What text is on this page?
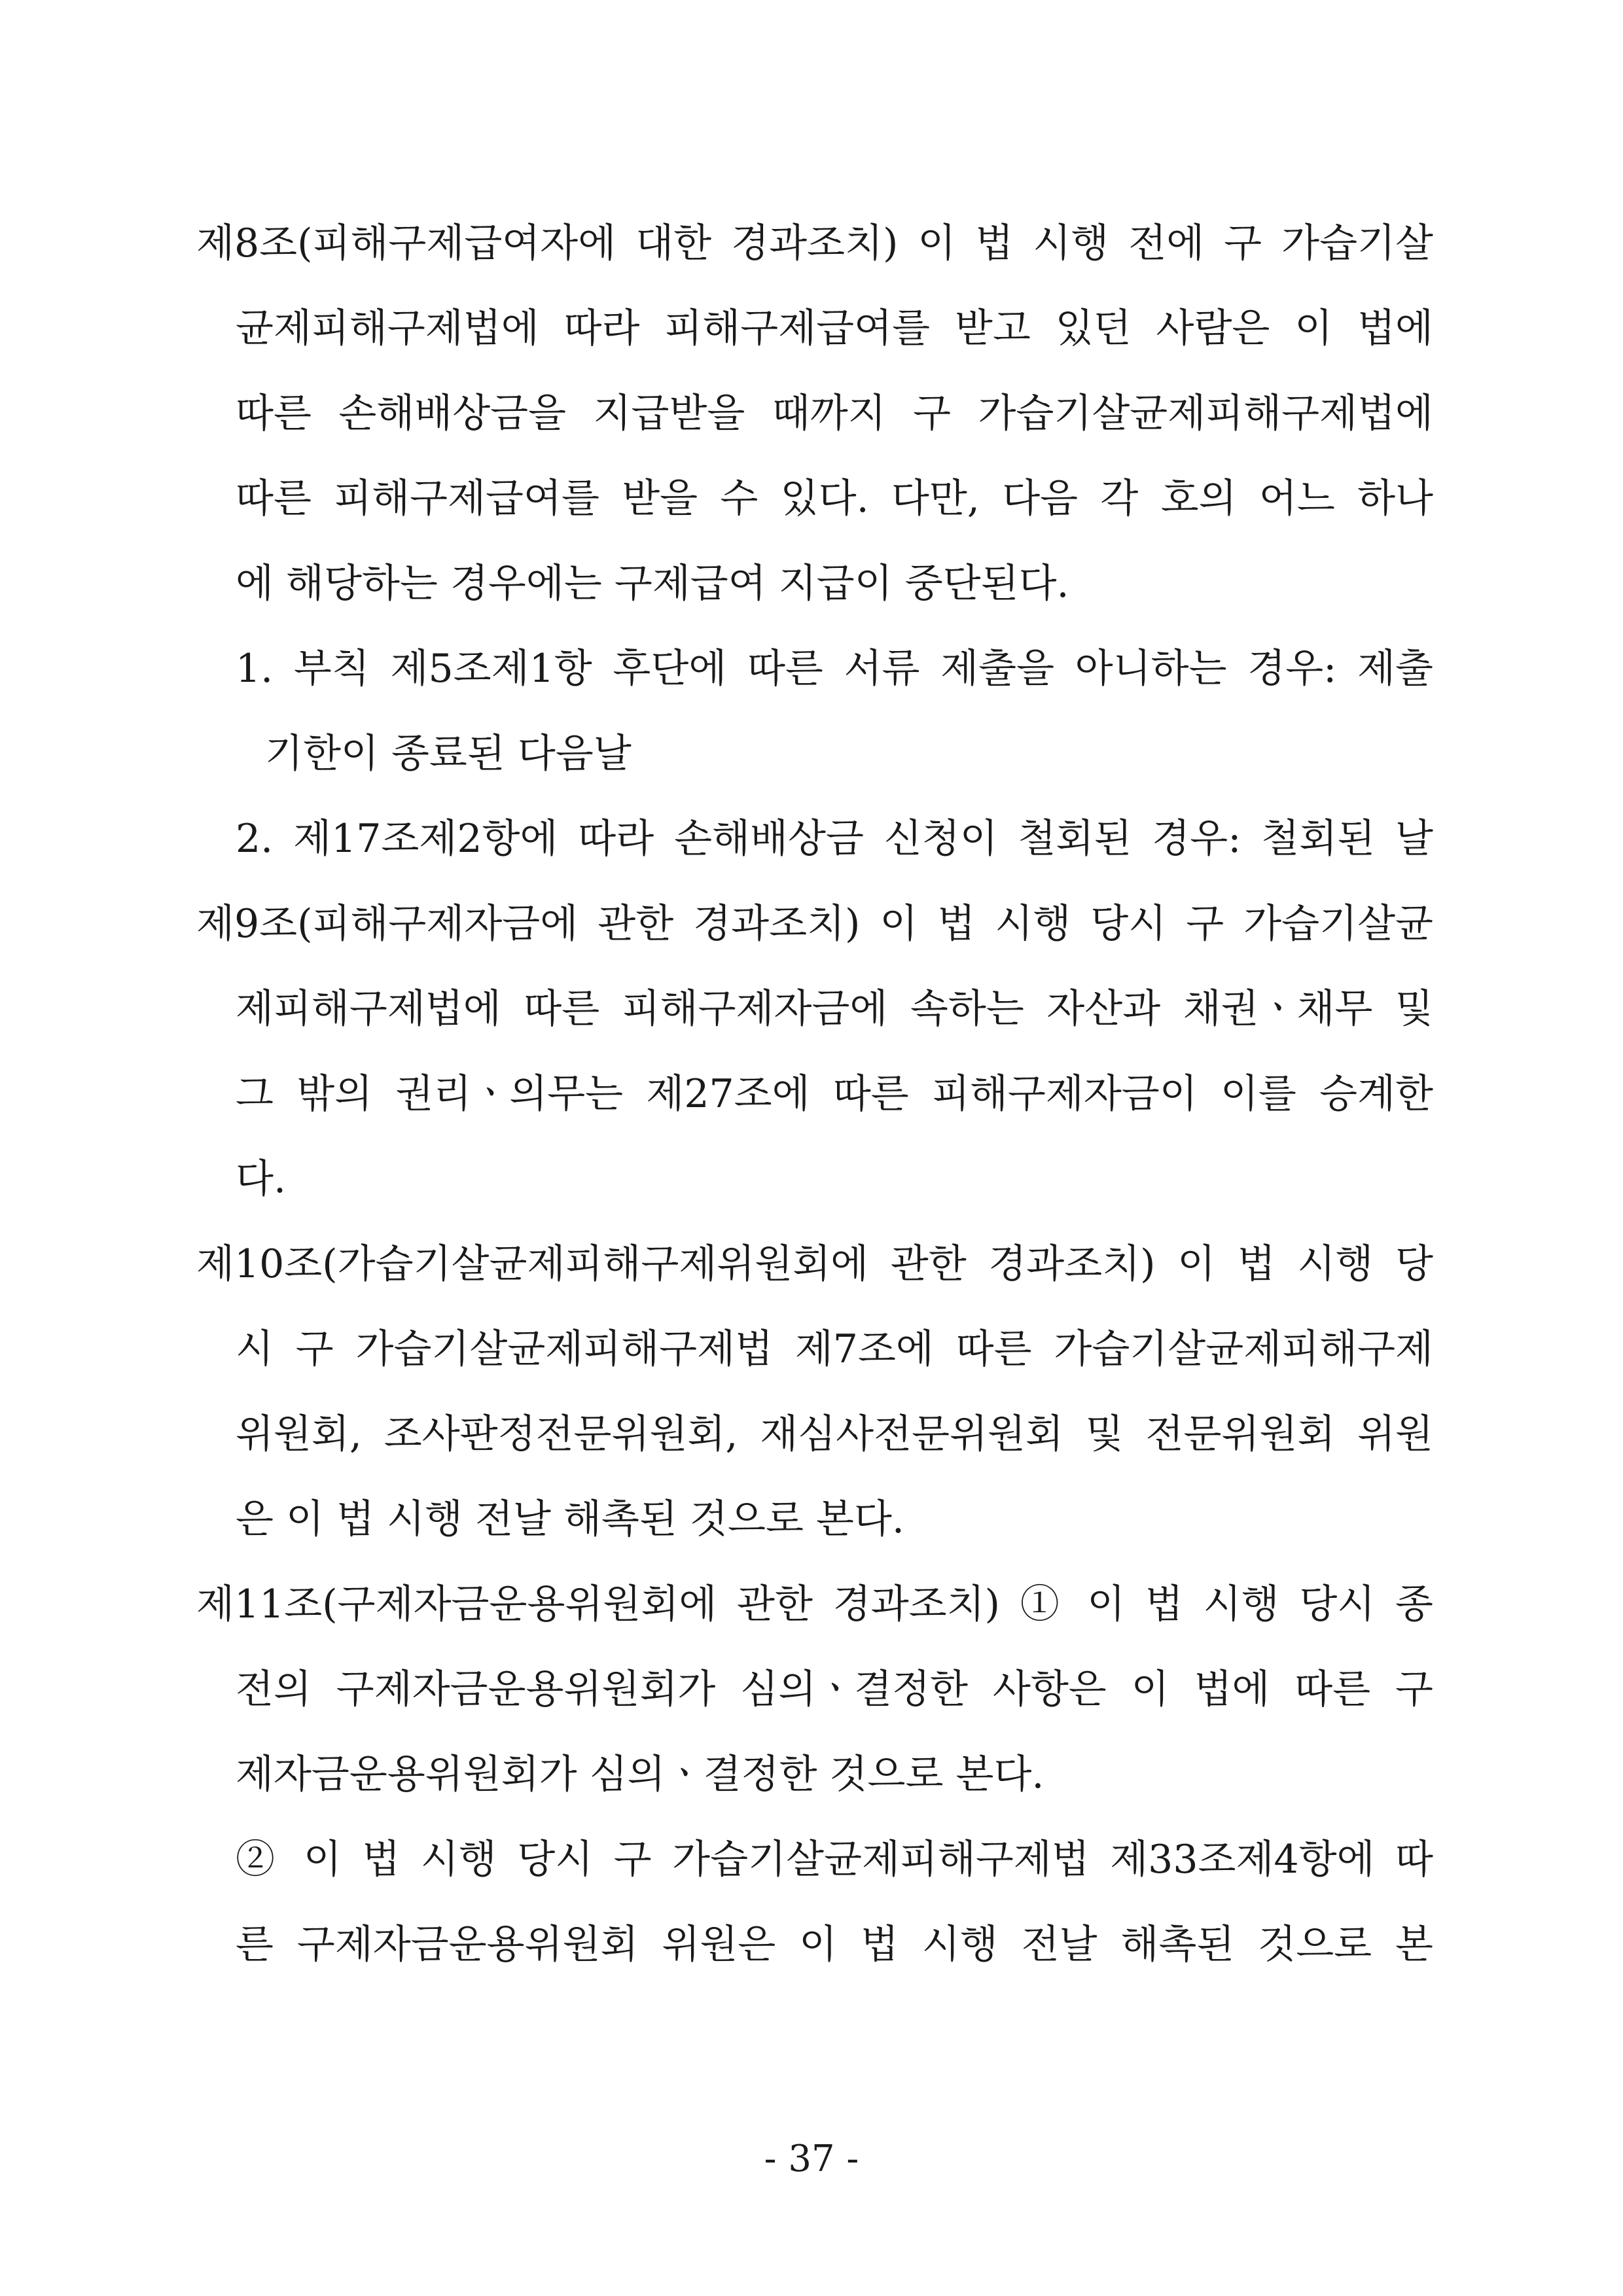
제8조(피해구제급여자에 대한 경과조치) 이 법 시행 전에 구 가습기살
균제피해구제법에 따라 피해구제급여를 받고 있던 사람은 이 법에
따른 손해배상금을 지급받을 때까지 구 가습기살균제피해구제법에
따른 피해구제급여를 받을 수 있다. 다만, 다음 각 호의 어느 하나
에 해당하는 경우에는 구제급여 지급이 중단된다.
1. 부칙 제5조제1항 후단에 따른 서류 제출을 아니하는 경우: 제출
기한이 종료된 다음날
2. 제17조제2항에 따라 손해배상금 신청이 철회된 경우: 철회된 날
제9조(피해구제자금에 관한 경과조치) 이 법 시행 당시 구 가습기살균
제피해구제법에 따른 피해구제자금에 속하는 자산과 채권ㆍ채무 및
그 밖의 권리ㆍ의무는 제27조에 따른 피해구제자금이 이를 승계한
다.
제10조(가습기살균제피해구제위원회에 관한 경과조치) 이 법 시행 당
시 구 가습기살균제피해구제법 제7조에 따른 가습기살균제피해구제
위원회, 조사판정전문위원회, 재심사전문위원회 및 전문위원회 위원
은 이 법 시행 전날 해촉된 것으로 본다.
제11조(구제자금운용위원회에 관한 경과조치) ① 이 법 시행 당시 종
전의 구제자금운용위원회가 심의ㆍ결정한 사항은 이 법에 따른 구
제자금운용위원회가 심의ㆍ결정한 것으로 본다.
② 이 법 시행 당시 구 가습기살균제피해구제법 제33조제4항에 따
른 구제자금운용위원회 위원은 이 법 시행 전날 해촉된 것으로 본
- 37 -
